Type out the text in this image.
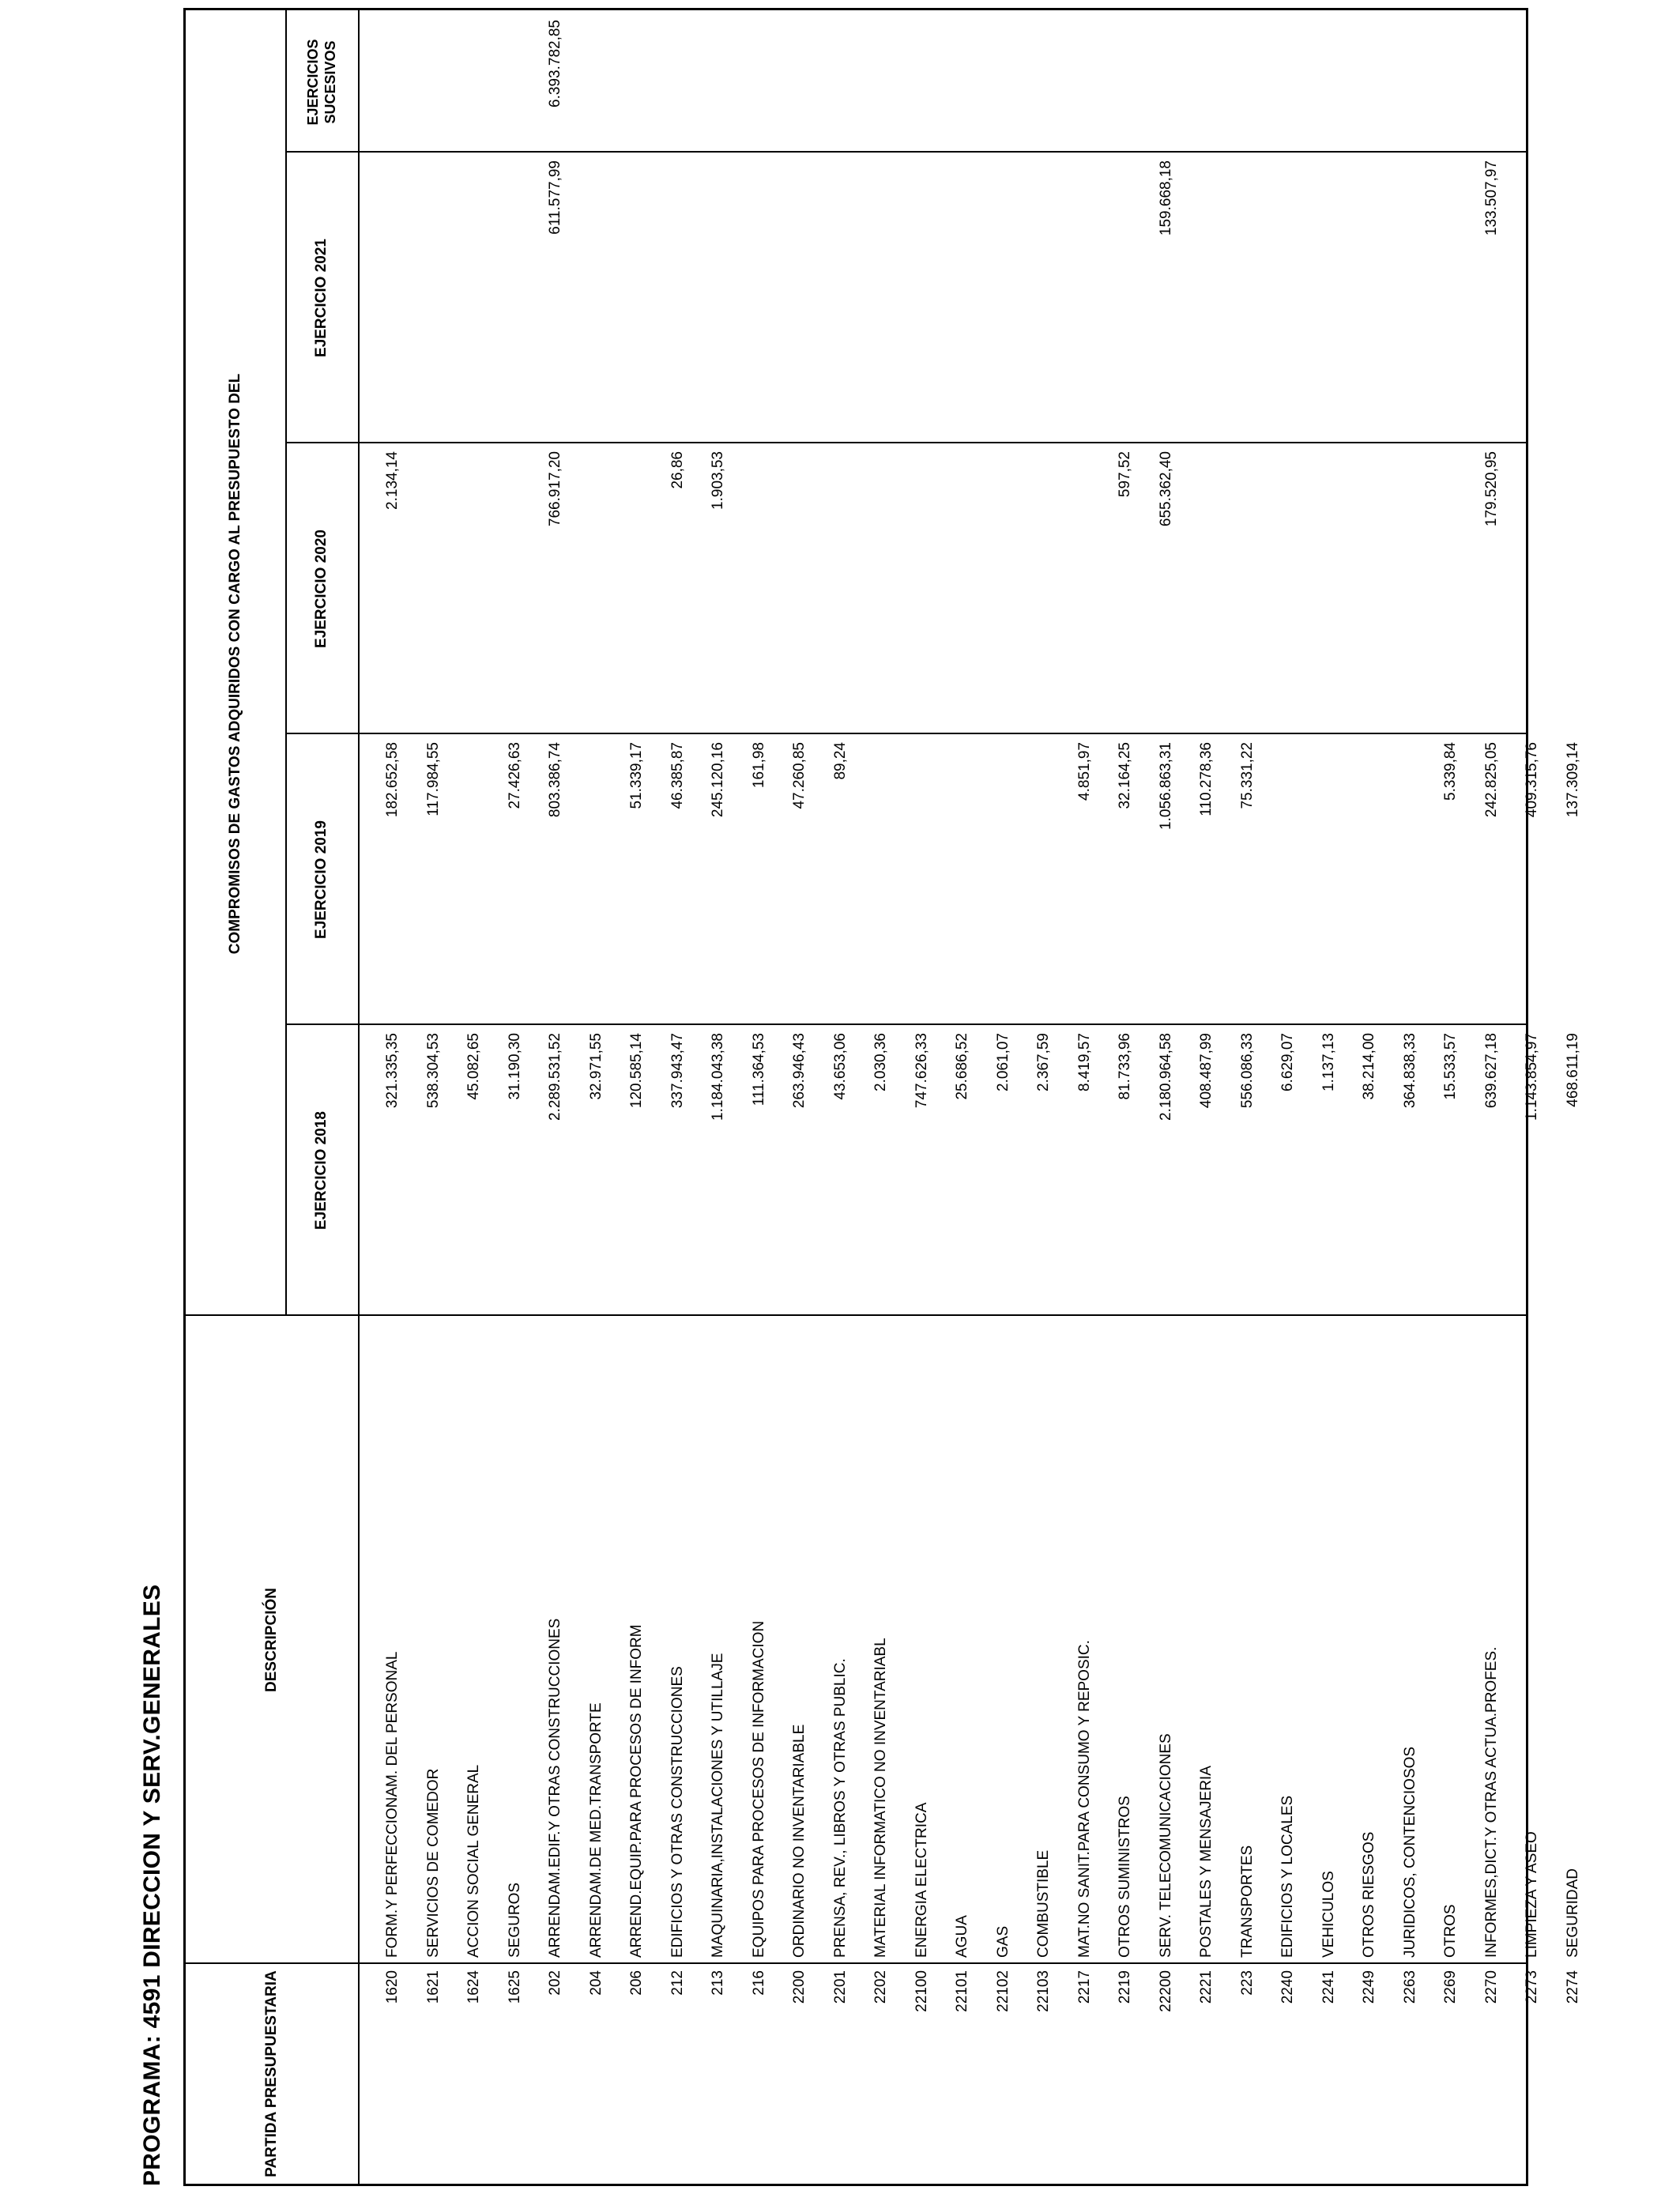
PROGRAMA: 4591 DIRECCION Y SERV.GENERALES	PARTIDA PRESUPUESTARIA
DESCRIPCIÓN
COMPROMISOS DE GASTOS ADQUIRIDOS CON CARGO AL PRESUPUESTO DEL
EJERCICIO 2018
EJERCICIO 2019
EJERCICIO 2020
EJERCICIO 2021
EJERCICIOS SUCESIVOS
1620
FORM.Y PERFECCIONAM. DEL PERSONAL
321.335,35
182.652,58
2.134,14
1621
SERVICIOS DE COMEDOR
538.304,53
117.984,55
1624
ACCION SOCIAL GENERAL
45.082,65
1625
SEGUROS
31.190,30
27.426,63
202
ARRENDAM.EDIF.Y OTRAS CONSTRUCCIONES
2.289.531,52
803.386,74
766.917,20
611.577,99
6.393.782,85
204
ARRENDAM.DE MED.TRANSPORTE
32.971,55
206
ARREND.EQUIP.PARA PROCESOS DE INFORM
120.585,14
51.339,17
212
EDIFICIOS Y OTRAS CONSTRUCCIONES
337.943,47
46.385,87
26,86
213
MAQUINARIA,INSTALACIONES Y UTILLAJE
1.184.043,38
245.120,16
1.903,53
216
EQUIPOS PARA PROCESOS DE INFORMACION
111.364,53
161,98
2200
ORDINARIO NO INVENTARIABLE
263.946,43
47.260,85
2201
PRENSA, REV., LIBROS Y OTRAS PUBLIC.
43.653,06
89,24
2202
MATERIAL INFORMATICO NO INVENTARIABL
2.030,36
22100
ENERGIA ELECTRICA
747.626,33
22101
AGUA
25.686,52
22102
GAS
2.061,07
22103
COMBUSTIBLE
2.367,59
2217
MAT.NO SANIT.PARA CONSUMO Y REPOSIC.
8.419,57
4.851,97
2219
OTROS SUMINISTROS
81.733,96
32.164,25
597,52
22200
SERV. TELECOMUNICACIONES
2.180.964,58
1.056.863,31
655.362,40
159.668,18
2221
POSTALES Y MENSAJERIA
408.487,99
110.278,36
223
TRANSPORTES
556.086,33
75.331,22
2240
EDIFICIOS Y LOCALES
6.629,07
2241
VEHICULOS
1.137,13
2249
OTROS RIESGOS
38.214,00
2263
JURIDICOS, CONTENCIOSOS
364.838,33
2269
OTROS
15.533,57
5.339,84
2270
INFORMES,DICT.Y OTRAS ACTUA.PROFES.
639.627,18
242.825,05
179.520,95
133.507,97
2273
LIMPIEZA Y ASEO
1.143.854,97
409.315,76
2274
SEGURIDAD
468.611,19
137.309,14
